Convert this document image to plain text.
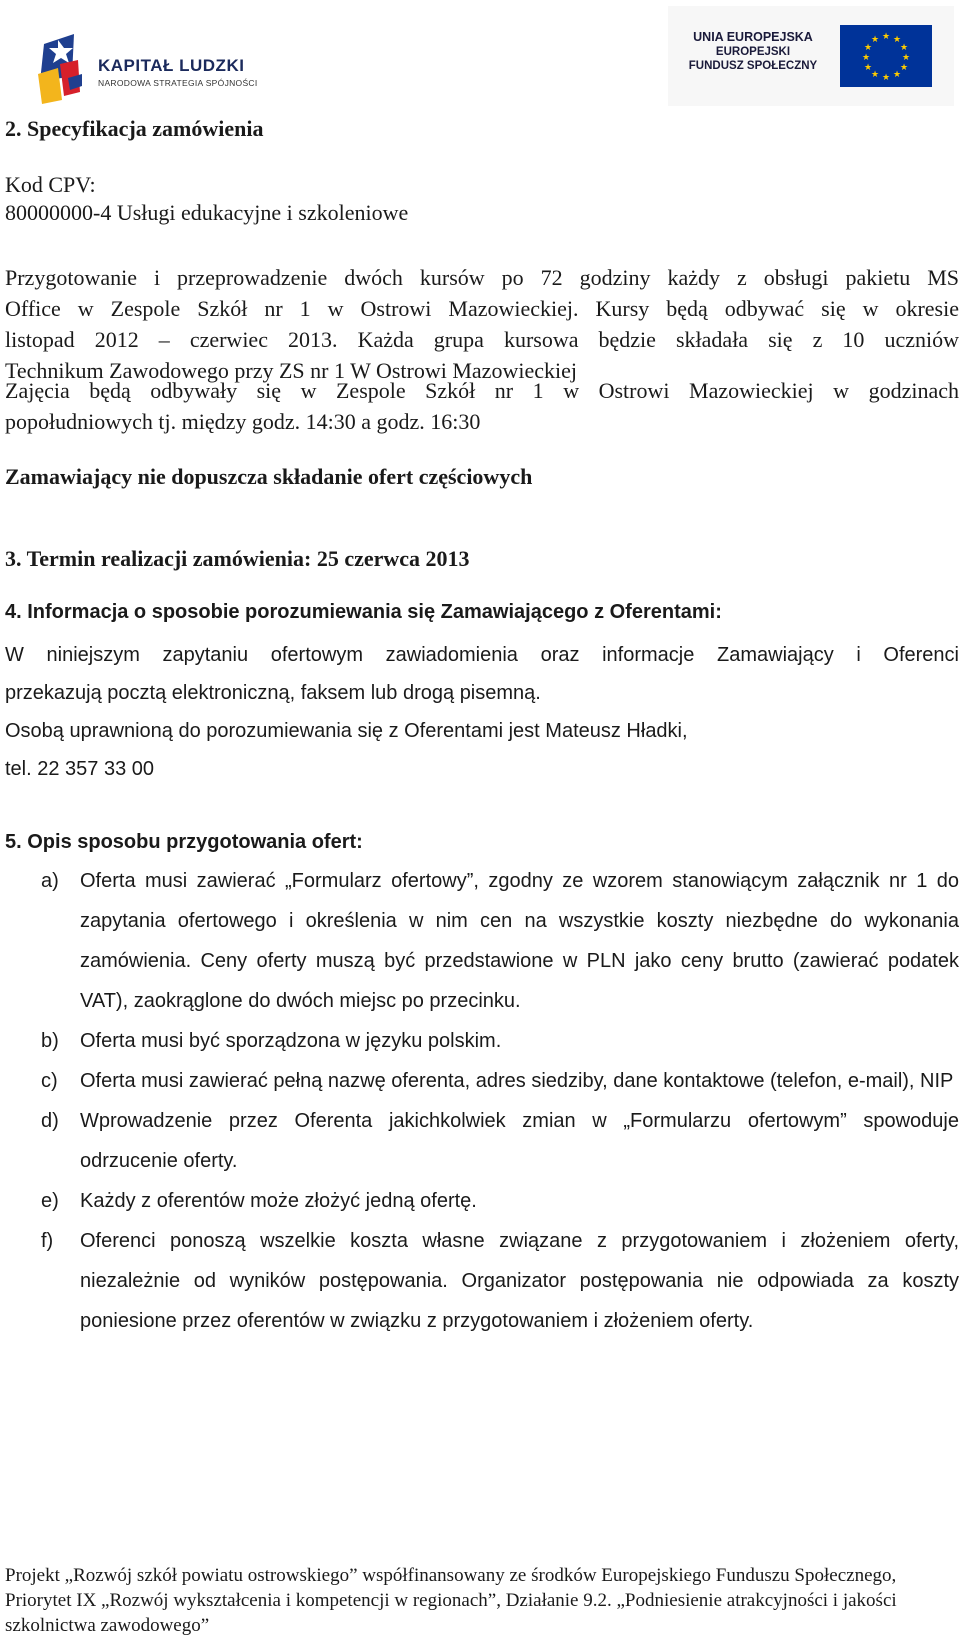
KAPITAŁ LUDZKI
NARODOWA STRATEGIA SPÓJNOŚCI
UNIA EUROPEJSKA
EUROPEJSKI
FUNDUSZ SPOŁECZNY
★ ★
★
★
★
★
★
★
★
★
★
★
2. Specyfikacja zamówienia
Kod CPV:
80000000-4 Usługi edukacyjne i szkoleniowe
Przygotowanie i przeprowadzenie dwóch kursów po 72 godziny każdy z obsługi pakietu MS
Office w Zespole Szkół nr 1 w Ostrowi Mazowieckiej. Kursy będą odbywać się w okresie
listopad 2012 – czerwiec 2013. Każda grupa kursowa będzie składała się z 10 uczniów
Technikum Zawodowego przy ZS nr 1 W Ostrowi Mazowieckiej
Zajęcia będą odbywały się w Zespole Szkół nr 1 w Ostrowi Mazowieckiej w godzinach
popołudniowych tj. między godz. 14:30 a godz. 16:30
Zamawiający nie dopuszcza składanie ofert częściowych
3. Termin realizacji zamówienia: 25 czerwca 2013
4. Informacja o sposobie porozumiewania się Zamawiającego z Oferentami:
W niniejszym zapytaniu ofertowym zawiadomienia oraz informacje Zamawiający i Oferenci
przekazują pocztą elektroniczną, faksem lub drogą pisemną.
Osobą uprawnioną do porozumiewania się z Oferentami jest Mateusz Hładki,
tel. 22 357 33 00
5. Opis sposobu przygotowania ofert:
a) Oferta musi zawierać „Formularz ofertowy”, zgodny ze wzorem stanowiącym załącznik nr 1 do zapytania ofertowego i określenia w nim cen na wszystkie koszty niezbędne do wykonania zamówienia. Ceny oferty muszą być przedstawione w PLN jako ceny brutto (zawierać podatek VAT), zaokrąglone do dwóch miejsc po przecinku.
b) Oferta musi być sporządzona w języku polskim.
c) Oferta musi zawierać pełną nazwę oferenta, adres siedziby, dane kontaktowe (telefon, e-mail), NIP
d) Wprowadzenie przez Oferenta jakichkolwiek zmian w „Formularzu ofertowym” spowoduje odrzucenie oferty.
e) Każdy z oferentów może złożyć jedną ofertę.
f) Oferenci ponoszą wszelkie koszta własne związane z przygotowaniem i złożeniem oferty, niezależnie od wyników postępowania. Organizator postępowania nie odpowiada za koszty poniesione przez oferentów w związku z przygotowaniem i złożeniem oferty.
Projekt „Rozwój szkół powiatu ostrowskiego” współfinansowany ze środków Europejskiego Funduszu Społecznego, Priorytet IX „Rozwój wykształcenia i kompetencji w regionach”, Działanie 9.2. „Podniesienie atrakcyjności i jakości szkolnictwa zawodowego”
